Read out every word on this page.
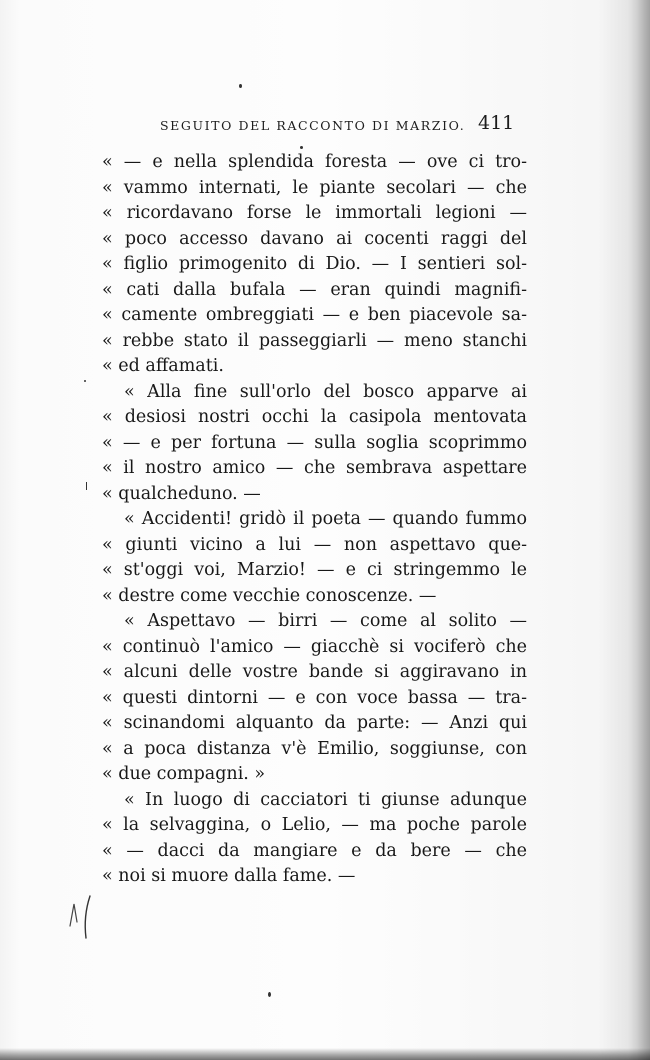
SEGUITO DEL RACCONTO DI MARZIO. 411
« — e nella splendida foresta — ove ci tro-
« vammo internati, le piante secolari — che
« ricordavano forse le immortali legioni —
« poco accesso davano ai cocenti raggi del
« figlio primogenito di Dio. — I sentieri sol-
« cati dalla bufala — eran quindi magnifi-
« camente ombreggiati — e ben piacevole sa-
« rebbe stato il passeggiarli — meno stanchi
« ed affamati.
« Alla fine sull'orlo del bosco apparve ai
« desiosi nostri occhi la casipola mentovata
« — e per fortuna — sulla soglia scoprimmo
« il nostro amico — che sembrava aspettare
« qualcheduno. —
« Accidenti! gridò il poeta — quando fummo
« giunti vicino a lui — non aspettavo que-
« st'oggi voi, Marzio! — e ci stringemmo le
« destre come vecchie conoscenze. —
« Aspettavo — birri — come al solito —
« continuò l'amico — giacchè si vociferò che
« alcuni delle vostre bande si aggiravano in
« questi dintorni — e con voce bassa — tra-
« scinandomi alquanto da parte: — Anzi qui
« a poca distanza v'è Emilio, soggiunse, con
« due compagni. »
« In luogo di cacciatori ti giunse adunque
« la selvaggina, o Lelio, — ma poche parole
« — dacci da mangiare e da bere — che
« noi si muore dalla fame. —
